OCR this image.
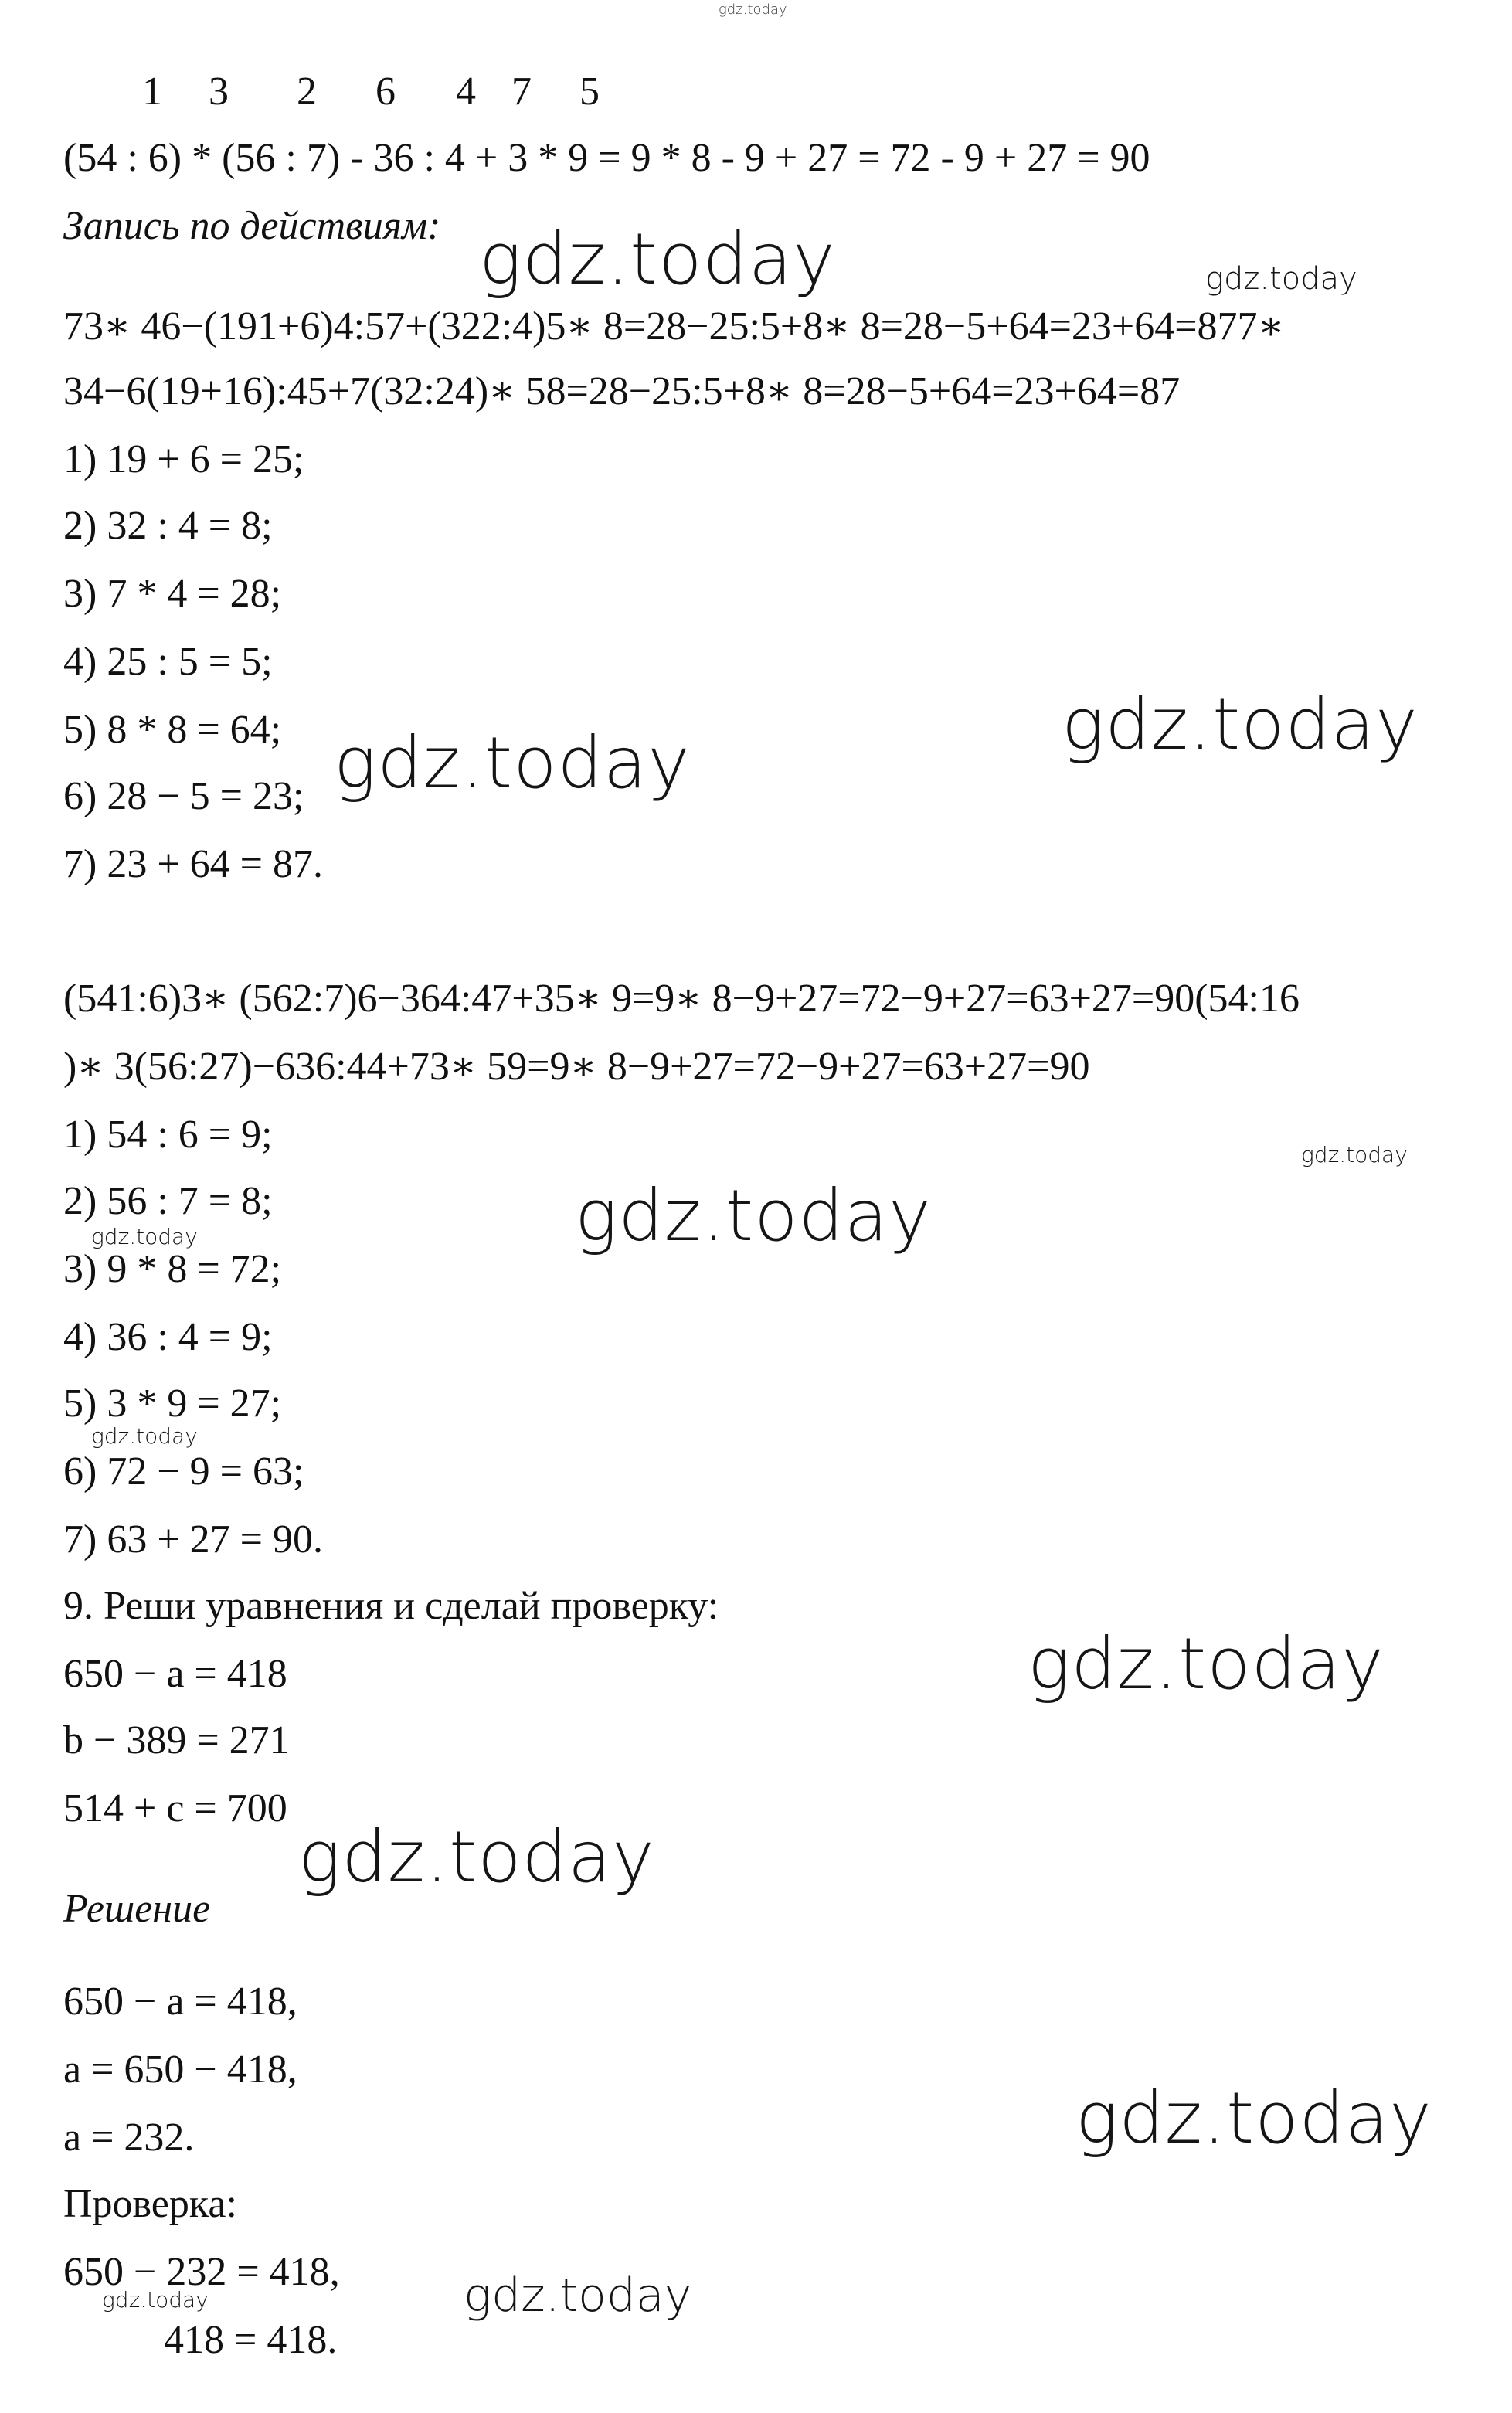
gdz.today
1 3 2 6 4 7 5
(54 : 6) * (56 : 7) - 36 : 4 + 3 * 9 = 9 * 8 - 9 + 27 = 72 - 9 + 27 = 90
Запись по действиям:
73∗ 46−(191+6)4:57+(322:4)5∗ 8=28−25:5+8∗ 8=28−5+64=23+64=877∗
34−6(19+16):45+7(32:24)∗ 58=28−25:5+8∗ 8=28−5+64=23+64=87
1) 19 + 6 = 25;
2) 32 : 4 = 8;
3) 7 * 4 = 28;
4) 25 : 5 = 5;
5) 8 * 8 = 64;
6) 28 − 5 = 23;
7) 23 + 64 = 87.
(541:6)3∗ (562:7)6−364:47+35∗ 9=9∗ 8−9+27=72−9+27=63+27=90(54:16
)∗ 3(56:27)−636:44+73∗ 59=9∗ 8−9+27=72−9+27=63+27=90
1) 54 : 6 = 9;
2) 56 : 7 = 8;
3) 9 * 8 = 72;
4) 36 : 4 = 9;
5) 3 * 9 = 27;
6) 72 − 9 = 63;
7) 63 + 27 = 90.
9. Реши уравнения и сделай проверку:
650 − a = 418
b − 389 = 271
514 + c = 700
Решение
650 − a = 418,
a = 650 − 418,
a = 232.
Проверка:
650 − 232 = 418,
418 = 418.
gdz.today	gdz.today
gdz.today
gdz.today
gdz.today
gdz.today
gdz.today
gdz.today
gdz.today
gdz.today
gdz.today
gdz.today
gdz.today
